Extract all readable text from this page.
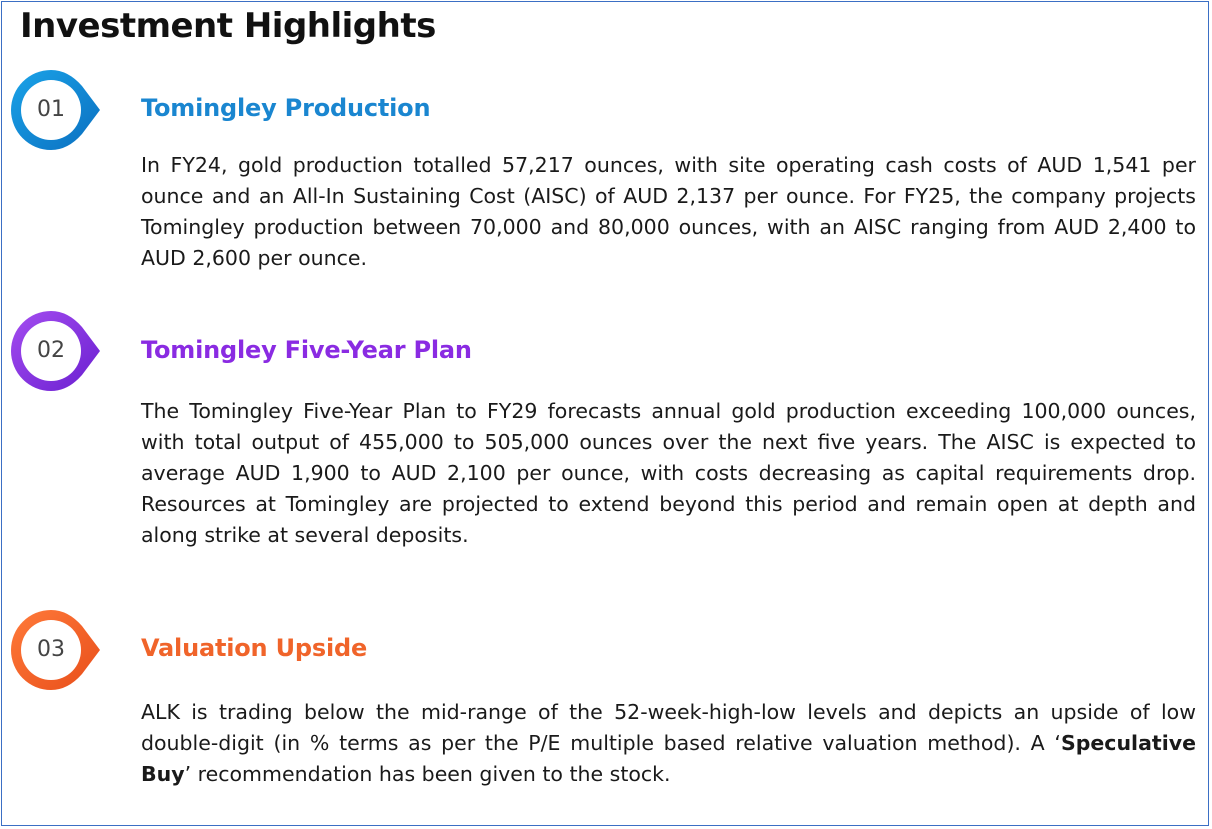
Investment Highlights
01	Tomingley Production

In FY24, gold production totalled 57,217 ounces, with site operating cash costs of AUD 1,541 per ounce and an All-In Sustaining Cost (AISC) of AUD 2,137 per ounce. For FY25, the company projects Tomingley production between 70,000 and 80,000 ounces, with an AISC ranging from AUD 2,400 to AUD 2,600 per ounce.

02	Tomingley Five-Year Plan

The Tomingley Five-Year Plan to FY29 forecasts annual gold production exceeding 100,000 ounces, with total output of 455,000 to 505,000 ounces over the next five years. The AISC is expected to average AUD 1,900 to AUD 2,100 per ounce, with costs decreasing as capital requirements drop. Resources at Tomingley are projected to extend beyond this period and remain open at depth and along strike at several deposits.

03	Valuation Upside

ALK is trading below the mid-range of the 52-week-high-low levels and depicts an upside of low double-digit (in % terms as per the P/E multiple based relative valuation method). A ‘Speculative Buy’ recommendation has been given to the stock.
